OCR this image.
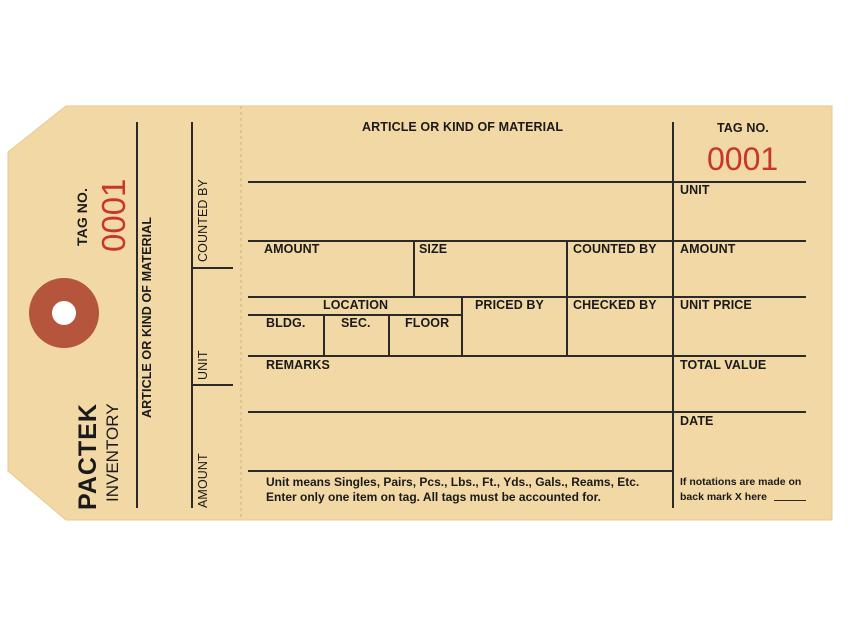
PACTEK INVENTORY
TAG NO. 0001
ARTICLE OR KIND OF MATERIAL	COUNTED BY
UNIT
AMOUNT
ARTICLE OR KIND OF MATERIAL
AMOUNT	SIZE	COUNTED BY
LOCATION
BLDG.	SEC.	FLOOR
PRICED BY CHECKED BY
REMARKS
Unit means Singles, Pairs, Pcs., Lbs., Ft., Yds., Gals., Reams, Etc.
Enter only one item on tag. All tags must be accounted for.
TAG NO.
0001
UNIT
AMOUNT
UNIT PRICE
TOTAL VALUE
DATE
If notations are made on
back mark X here
